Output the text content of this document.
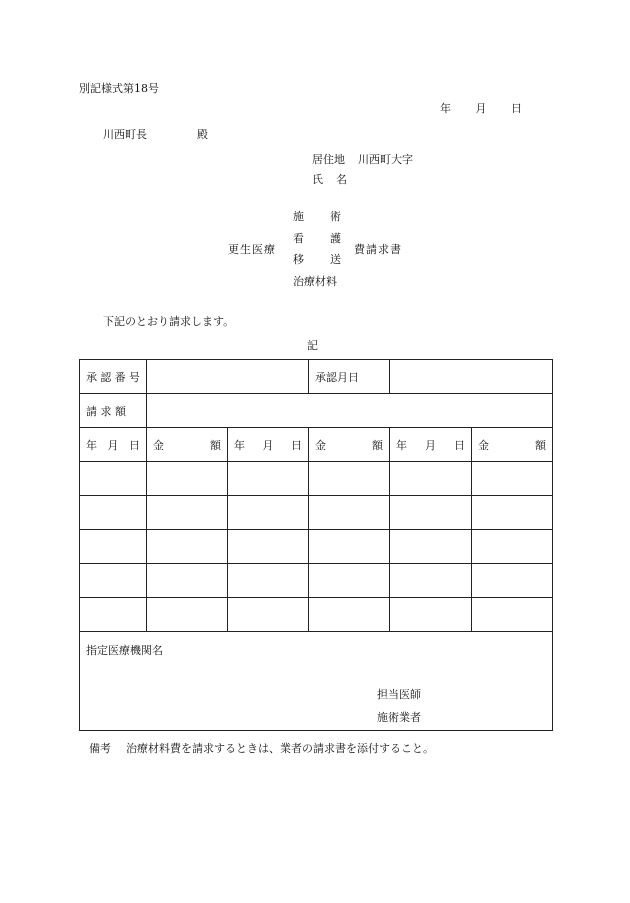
別記様式第18号
年 月 日
川西町長	殿
居住地 川西町大字
氏 名
更生医療
施 術
看 護
移 送
治療材料
費請求書
下記のとおり請求します。
記
承 認 番 号			承認月日		

請 求 額					

年 月 日	金 額	年 月 日	金 額	年 月 日	金 額

指定医療機関名
担当医師
施術業者					
備考 治療材料費を請求するときは、業者の請求書を添付すること。
